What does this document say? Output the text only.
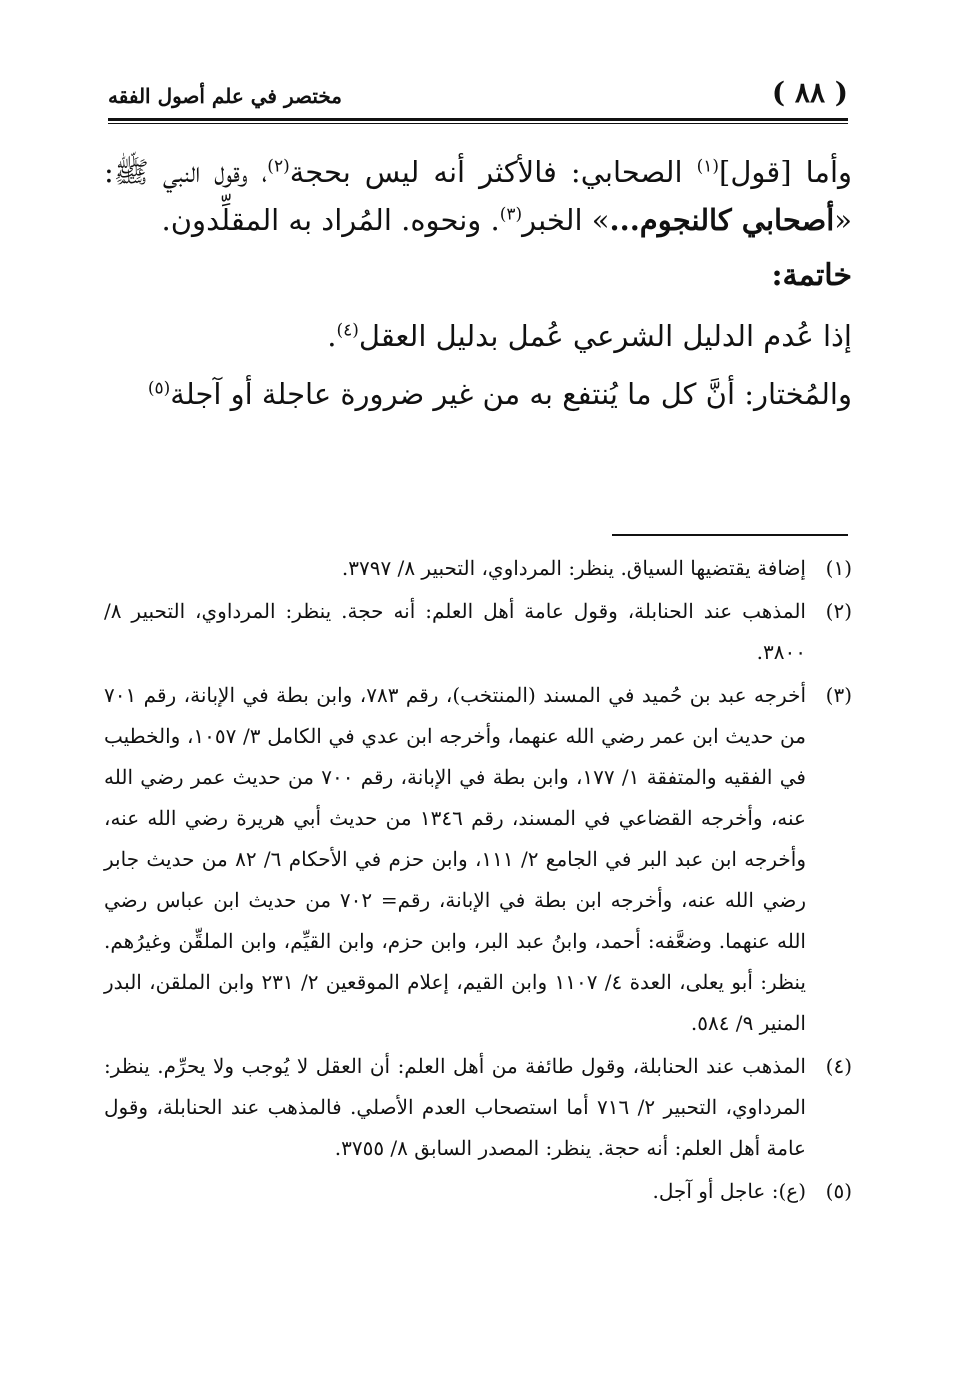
( ٨٨ )
مختصر في علم أصول الفقه

وأما [قول]$^{(١)}$ الصحابي: فالأكثر أنه ليس بحجة$^{(٢)}$، وقول النبي ﷺ: «أصحابي كالنجوم...» الخبر$^{(٣)}$. ونحوه. المُراد به المقلِّدون.

خاتمة:

إذا عُدم الدليل الشرعي عُمل بدليل العقل$^{(٤)}$.

والمُختار: أنَّ كل ما يُنتفع به من غير ضرورة عاجلة أو آجلة$^{(٥)}$

(١)
إضافة يقتضيها السياق. ينظر: المرداوي، التحبير ٨/ ٣٧٩٧.
(٢)
المذهب عند الحنابلة، وقول عامة أهل العلم: أنه حجة. ينظر: المرداوي، التحبير ٨/ ٣٨٠٠.
(٣)
أخرجه عبد بن حُميد في المسند (المنتخب)، رقم ٧٨٣، وابن بطة في الإبانة، رقم ٧٠١ من حديث ابن عمر رضي الله عنهما، وأخرجه ابن عدي في الكامل ٣/ ١٠٥٧، والخطيب في الفقيه والمتفقة ١/ ١٧٧، وابن بطة في الإبانة، رقم ٧٠٠ من حديث عمر رضي الله عنه، وأخرجه القضاعي في المسند، رقم ١٣٤٦ من حديث أبي هريرة رضي الله عنه، وأخرجه ابن عبد البر في الجامع ٢/ ١١١، وابن حزم في الأحكام ٦/ ٨٢ من حديث جابر رضي الله عنه، وأخرجه ابن بطة في الإبانة، رقم= ٧٠٢ من حديث ابن عباس رضي الله عنهما. وضعَّفه: أحمد، وابنُ عبد البر، وابن حزم، وابن القيِّم، وابن الملقِّن وغيرُهم. ينظر: أبو يعلى، العدة ٤/ ١١٠٧ وابن القيم، إعلام الموقعين ٢/ ٢٣١ وابن الملقن، البدر المنير ٩/ ٥٨٤.
(٤)
المذهب عند الحنابلة، وقول طائفة من أهل العلم: أن العقل لا يُوجب ولا يحرِّم. ينظر: المرداوي، التحبير ٢/ ٧١٦ أما استصحاب العدم الأصلي. فالمذهب عند الحنابلة، وقول عامة أهل العلم: أنه حجة. ينظر: المصدر السابق ٨/ ٣٧٥٥.
(٥)
(ع): عاجل أو آجل.
